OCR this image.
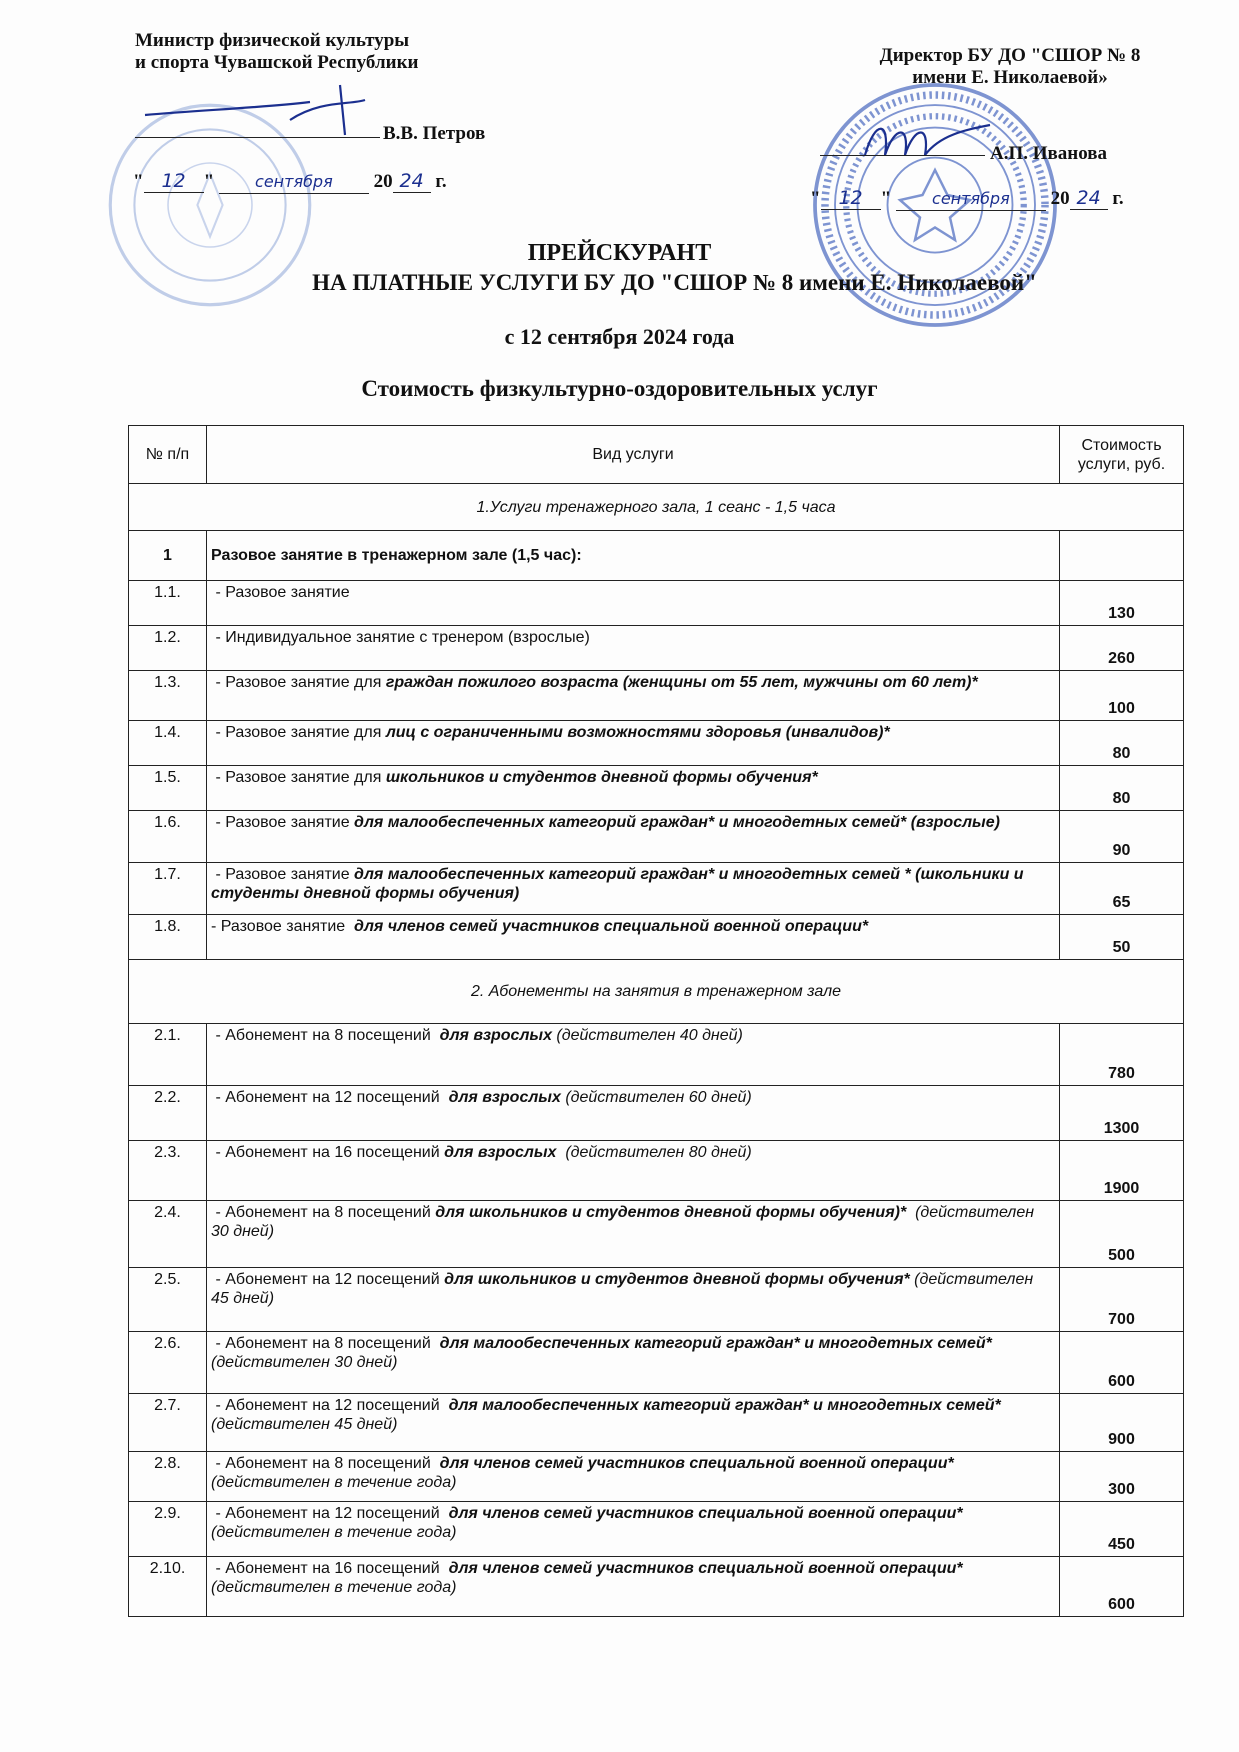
Министр физической культуры
и спорта Чувашской Республики
В.В. Петров
" 12 " сентября 20 24 г.
Директор БУ ДО "СШОР № 8
имени Е. Николаевой»
А.П. Иванова
" 12 " сентября 20 24 г.
ПРЕЙСКУРАНТ
НА ПЛАТНЫЕ УСЛУГИ БУ ДО "СШОР № 8 имени Е. Николаевой"
с 12 сентября 2024 года
Стоимость физкультурно-оздоровительных услуг
№ п/п	Вид услуги	Стоимость услуги, руб.
1.Услуги тренажерного зала, 1 сеанс - 1,5 часа		
1	Разовое занятие в тренажерном зале (1,5 час):	
1.1.	- Разовое занятие	130
1.2.	- Индивидуальное занятие с тренером (взрослые)	260
1.3.	- Разовое занятие для граждан пожилого возраста (женщины от 55 лет, мужчины от 60 лет)*	100
1.4.	- Разовое занятие для лиц с ограниченными возможностями здоровья (инвалидов)*	80
1.5.	- Разовое занятие для школьников и студентов дневной формы обучения*	80
1.6.	- Разовое занятие для малообеспеченных категорий граждан* и многодетных семей* (взрослые)	90
1.7.	- Разовое занятие для малообеспеченных категорий граждан* и многодетных семей * (школьники и студенты дневной формы обучения)	65
1.8.	- Разовое занятие  для членов семей участников специальной военной операции*	50
2. Абонементы на занятия в тренажерном зале		
2.1.	- Абонемент на 8 посещений  для взрослых (действителен 40 дней)	780
2.2.	- Абонемент на 12 посещений  для взрослых (действителен 60 дней)	1300
2.3.	- Абонемент на 16 посещений для взрослых  (действителен 80 дней)	1900
2.4.	- Абонемент на 8 посещений для школьников и студентов дневной формы обучения)*  (действителен 30 дней)	500
2.5.	- Абонемент на 12 посещений для школьников и студентов дневной формы обучения* (действителен 45 дней)	700
2.6.	- Абонемент на 8 посещений  для малообеспеченных категорий граждан* и многодетных семей* (действителен 30 дней)	600
2.7.	- Абонемент на 12 посещений  для малообеспеченных категорий граждан* и многодетных семей* (действителен 45 дней)	900
2.8.	- Абонемент на 8 посещений  для членов семей участников специальной военной операции* (действителен в течение года)	300
2.9.	- Абонемент на 12 посещений  для членов семей участников специальной военной операции*  (действителен в течение года)	450
2.10.	- Абонемент на 16 посещений  для членов семей участников специальной военной операции* (действителен в течение года)	600
